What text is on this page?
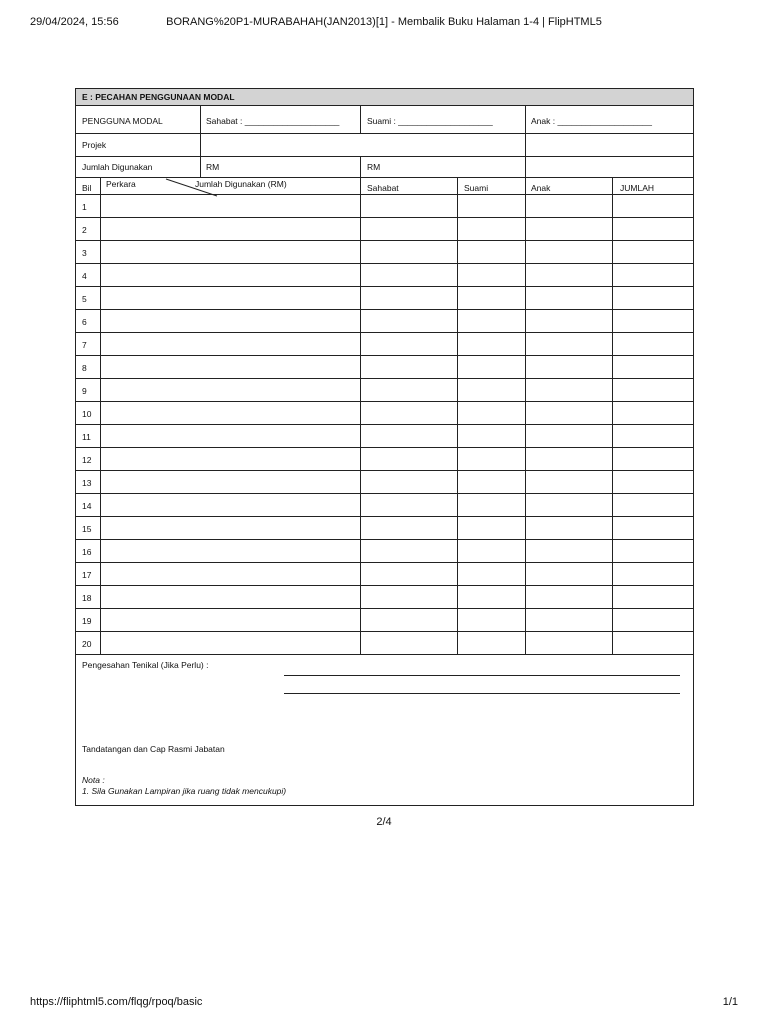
29/04/2024, 15:56	BORANG%20P1-MURABAHAH(JAN2013)[1] - Membalik Buku Halaman 1-4 | FlipHTML5
E : PECAHAN PENGGUNAAN MODAL
PENGGUNA MODAL	Sahabat : ____________________	Suami : ____________________	Anak : ____________________
Projek
Jumlah Digunakan	RM	RM
Bil Perkara	Jumlah Digunakan (RM)	Sahabat	Suami	Anak	JUMLAH
1
2
3
4
5
6
7
8
9
10
11
12
13
14
15
16
17
18
19
20
Pengesahan Tenikal (Jika Perlu) :
Tandatangan dan Cap Rasmi Jabatan
Nota :
1. Sila Gunakan Lampiran jika ruang tidak mencukupi)
2/4
https://fliphtml5.com/flqg/rpoq/basic	1/1
